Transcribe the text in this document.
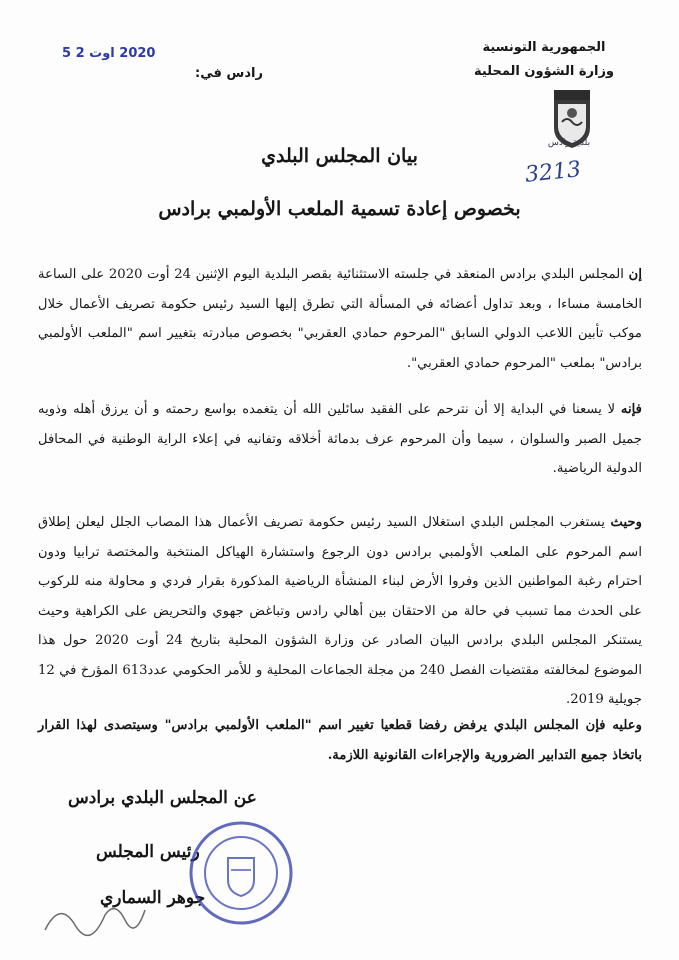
الجمهورية التونسية
وزارة الشؤون المحلية
بلدية رادس
3213
2020 اوت 2 5
رادس في:
بيان المجلس البلدي
بخصوص إعادة تسمية الملعب الأولمبي برادس

إن المجلس البلدي برادس المنعقد في جلسته الاستثنائية بقصر البلدية اليوم الإثنين 24 أوت 2020 على الساعة الخامسة مساءا ، وبعد تداول أعضائه في المسألة التي تطرق إليها السيد رئيس حكومة تصريف الأعمال خلال موكب تأبين اللاعب الدولي السابق "المرحوم حمادي العقربي" بخصوص مبادرته بتغيير اسم "الملعب الأولمبي برادس" بملعب "المرحوم حمادي العقربي".

فإنه لا يسعنا في البداية إلا أن نترحم على الفقيد سائلين الله أن يتغمده بواسع رحمته و أن يرزق أهله وذويه جميل الصبر والسلوان ، سيما وأن المرحوم عرف بدماثة أخلاقه وتفانيه في إعلاء الراية الوطنية في المحافل الدولية الرياضية.

وحيث يستغرب المجلس البلدي استغلال السيد رئيس حكومة تصريف الأعمال هذا المصاب الجلل ليعلن إطلاق اسم المرحوم على الملعب الأولمبي برادس دون الرجوع واستشارة الهياكل المنتخبة والمختصة ترابيا ودون احترام رغبة المواطنين الذين وفروا الأرض لبناء المنشأة الرياضية المذكورة بقرار فردي و محاولة منه للركوب على الحدث مما تسبب في حالة من الاحتقان بين أهالي رادس وتباغض جهوي والتحريض على الكراهية وحيث يستنكر المجلس البلدي برادس البيان الصادر عن وزارة الشؤون المحلية بتاريخ 24 أوت 2020 حول هذا الموضوع لمخالفته مقتضيات الفصل 240 من مجلة الجماعات المحلية و للأمر الحكومي عدد613 المؤرخ في 12 جويلية 2019.

وعليه فإن المجلس البلدي يرفض رفضا قطعيا تغيير اسم "الملعب الأولمبي برادس" وسيتصدى لهذا القرار باتخاذ جميع التدابير الضرورية والإجراءات القانونية اللازمة.

عن المجلس البلدي برادس
رئيس المجلس
جوهر السماري
